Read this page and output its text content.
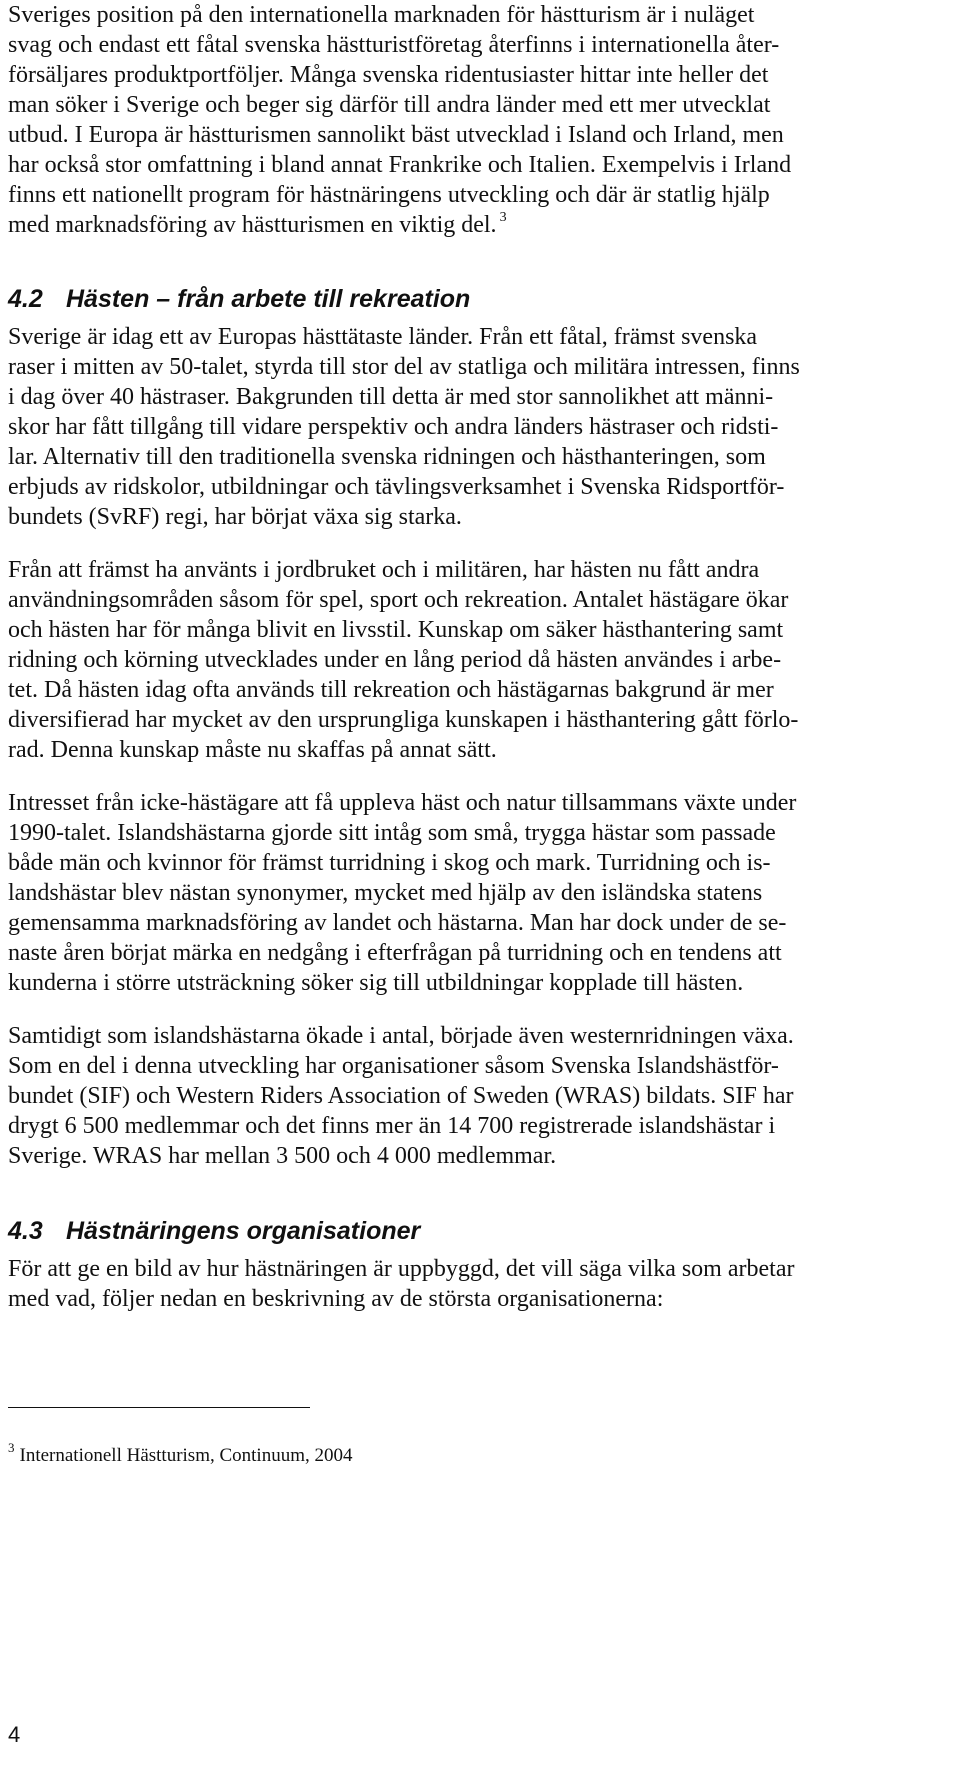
Sveriges position på den internationella marknaden för hästturism är i nuläget
svag och endast ett fåtal svenska hästturistföretag återfinns i internationella åter-
försäljares produktportföljer. Många svenska ridentusiaster hittar inte heller det
man söker i Sverige och beger sig därför till andra länder med ett mer utvecklat
utbud. I Europa är hästturismen sannolikt bäst utvecklad i Island och Irland, men
har också stor omfattning i bland annat Frankrike och Italien. Exempelvis i Irland
finns ett nationellt program för hästnäringens utveckling och där är statlig hjälp
med marknadsföring av hästturismen en viktig del. $^3$
4.2 Hästen – från arbete till rekreation
Sverige är idag ett av Europas hästtätaste länder. Från ett fåtal, främst svenska
raser i mitten av 50-talet, styrda till stor del av statliga och militära intressen, finns
i dag över 40 hästraser. Bakgrunden till detta är med stor sannolikhet att männi-
skor har fått tillgång till vidare perspektiv och andra länders hästraser och ridsti-
lar. Alternativ till den traditionella svenska ridningen och hästhanteringen, som
erbjuds av ridskolor, utbildningar och tävlingsverksamhet i Svenska Ridsportför-
bundets (SvRF) regi, har börjat växa sig starka.
Från att främst ha använts i jordbruket och i militären, har hästen nu fått andra
användningsområden såsom för spel, sport och rekreation. Antalet hästägare ökar
och hästen har för många blivit en livsstil. Kunskap om säker hästhantering samt
ridning och körning utvecklades under en lång period då hästen användes i arbe-
tet. Då hästen idag ofta används till rekreation och hästägarnas bakgrund är mer
diversifierad har mycket av den ursprungliga kunskapen i hästhantering gått förlo-
rad. Denna kunskap måste nu skaffas på annat sätt.
Intresset från icke-hästägare att få uppleva häst och natur tillsammans växte under
1990-talet. Islandshästarna gjorde sitt intåg som små, trygga hästar som passade
både män och kvinnor för främst turridning i skog och mark. Turridning och is-
landshästar blev nästan synonymer, mycket med hjälp av den isländska statens
gemensamma marknadsföring av landet och hästarna. Man har dock under de se-
naste åren börjat märka en nedgång i efterfrågan på turridning och en tendens att
kunderna i större utsträckning söker sig till utbildningar kopplade till hästen.
Samtidigt som islandshästarna ökade i antal, började även westernridningen växa.
Som en del i denna utveckling har organisationer såsom Svenska Islandshästför-
bundet (SIF) och Western Riders Association of Sweden (WRAS) bildats. SIF har
drygt 6 500 medlemmar och det finns mer än 14 700 registrerade islandshästar i
Sverige. WRAS har mellan 3 500 och 4 000 medlemmar.
4.3 Hästnäringens organisationer
För att ge en bild av hur hästnäringen är uppbyggd, det vill säga vilka som arbetar
med vad, följer nedan en beskrivning av de största organisationerna:
$^3$ Internationell Hästturism, Continuum, 2004
4
